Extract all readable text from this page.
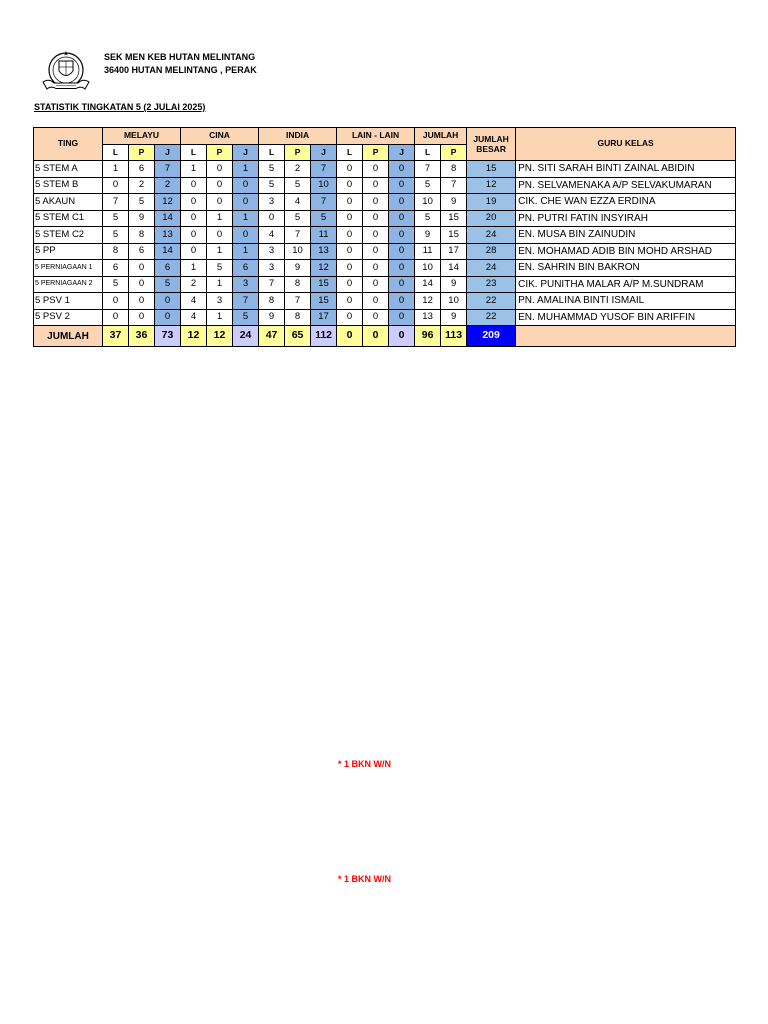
SEK MEN KEB HUTAN MELINTANG
36400 HUTAN MELINTANG , PERAK
STATISTIK TINGKATAN 5 (2 JULAI 2025)
TING	MELAYU			CINA			INDIA			LAIN - LAIN			JUMLAH		JUMLAH BESAR	GURU KELAS
	L	P	J	L	P	J	L	P	J	L	P	J	L	P		
5 STEM A	1	6	7	1	0	1	5	2	7	0	0	0	7	8	15	PN. SITI SARAH BINTI ZAINAL ABIDIN
5 STEM B	0	2	2	0	0	0	5	5	10	0	0	0	5	7	12	PN. SELVAMENAKA A/P SELVAKUMARAN
5 AKAUN	7	5	12	0	0	0	3	4	7	0	0	0	10	9	19	CIK. CHE WAN EZZA ERDINA
5 STEM C1	5	9	14	0	1	1	0	5	5	0	0	0	5	15	20	PN. PUTRI FATIN INSYIRAH
5 STEM C2	5	8	13	0	0	0	4	7	11	0	0	0	9	15	24	EN. MUSA BIN ZAINUDIN
5 PP	8	6	14	0	1	1	3	10	13	0	0	0	11	17	28	EN. MOHAMAD ADIB BIN MOHD ARSHAD
5 PERNIAGAAN 1	6	0	6	1	5	6	3	9	12	0	0	0	10	14	24	EN. SAHRIN BIN BAKRON
5 PERNIAGAAN 2	5	0	5	2	1	3	7	8	15	0	0	0	14	9	23	CIK. PUNITHA MALAR A/P M.SUNDRAM
5 PSV 1	0	0	0	4	3	7	8	7	15	0	0	0	12	10	22	PN. AMALINA BINTI ISMAIL
5 PSV 2	0	0	0	4	1	5	9	8	17	0	0	0	13	9	22	EN. MUHAMMAD YUSOF BIN ARIFFIN
JUMLAH	37	36	73	12	12	24	47	65	112	0	0	0	96	113	209	
* 1 BKN W/N
* 1 BKN W/N
